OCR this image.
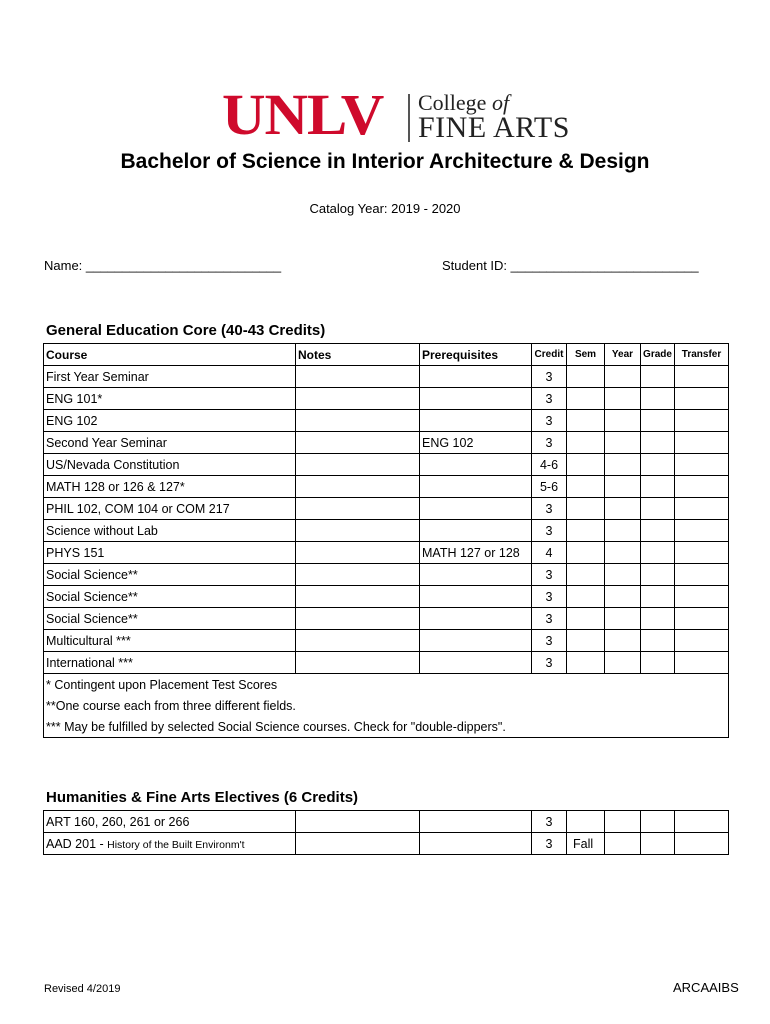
UNLV College of
FINE ARTS
Bachelor of Science in Interior Architecture & Design
Catalog Year: 2019 - 2020
Name: ___________________________	Student ID: __________________________
General Education Core (40-43 Credits)
Course	Notes	Prerequisites	Credit	Sem	Year	Grade	Transfer
First Year Seminar			3				
ENG 101*			3				
ENG 102			3				
Second Year Seminar		ENG 102	3				
US/Nevada Constitution			4-6				
MATH 128 or 126 & 127*			5-6				
PHIL 102, COM 104 or COM 217			3				
Science without Lab			3				
PHYS 151		MATH 127 or 128	4				
Social Science**			3				
Social Science**			3				
Social Science**			3				
Multicultural ***			3				
International ***			3				
* Contingent upon Placement Test Scores							
**One course each from three different fields.							
*** May be fulfilled by selected Social Science courses. Check for "double-dippers".							
Humanities & Fine Arts Electives (6 Credits)
ART 160, 260, 261 or 266			3				
AAD 201 - History of the Built Environm't			3	Fall			
Revised 4/2019	ARCAAIBS
